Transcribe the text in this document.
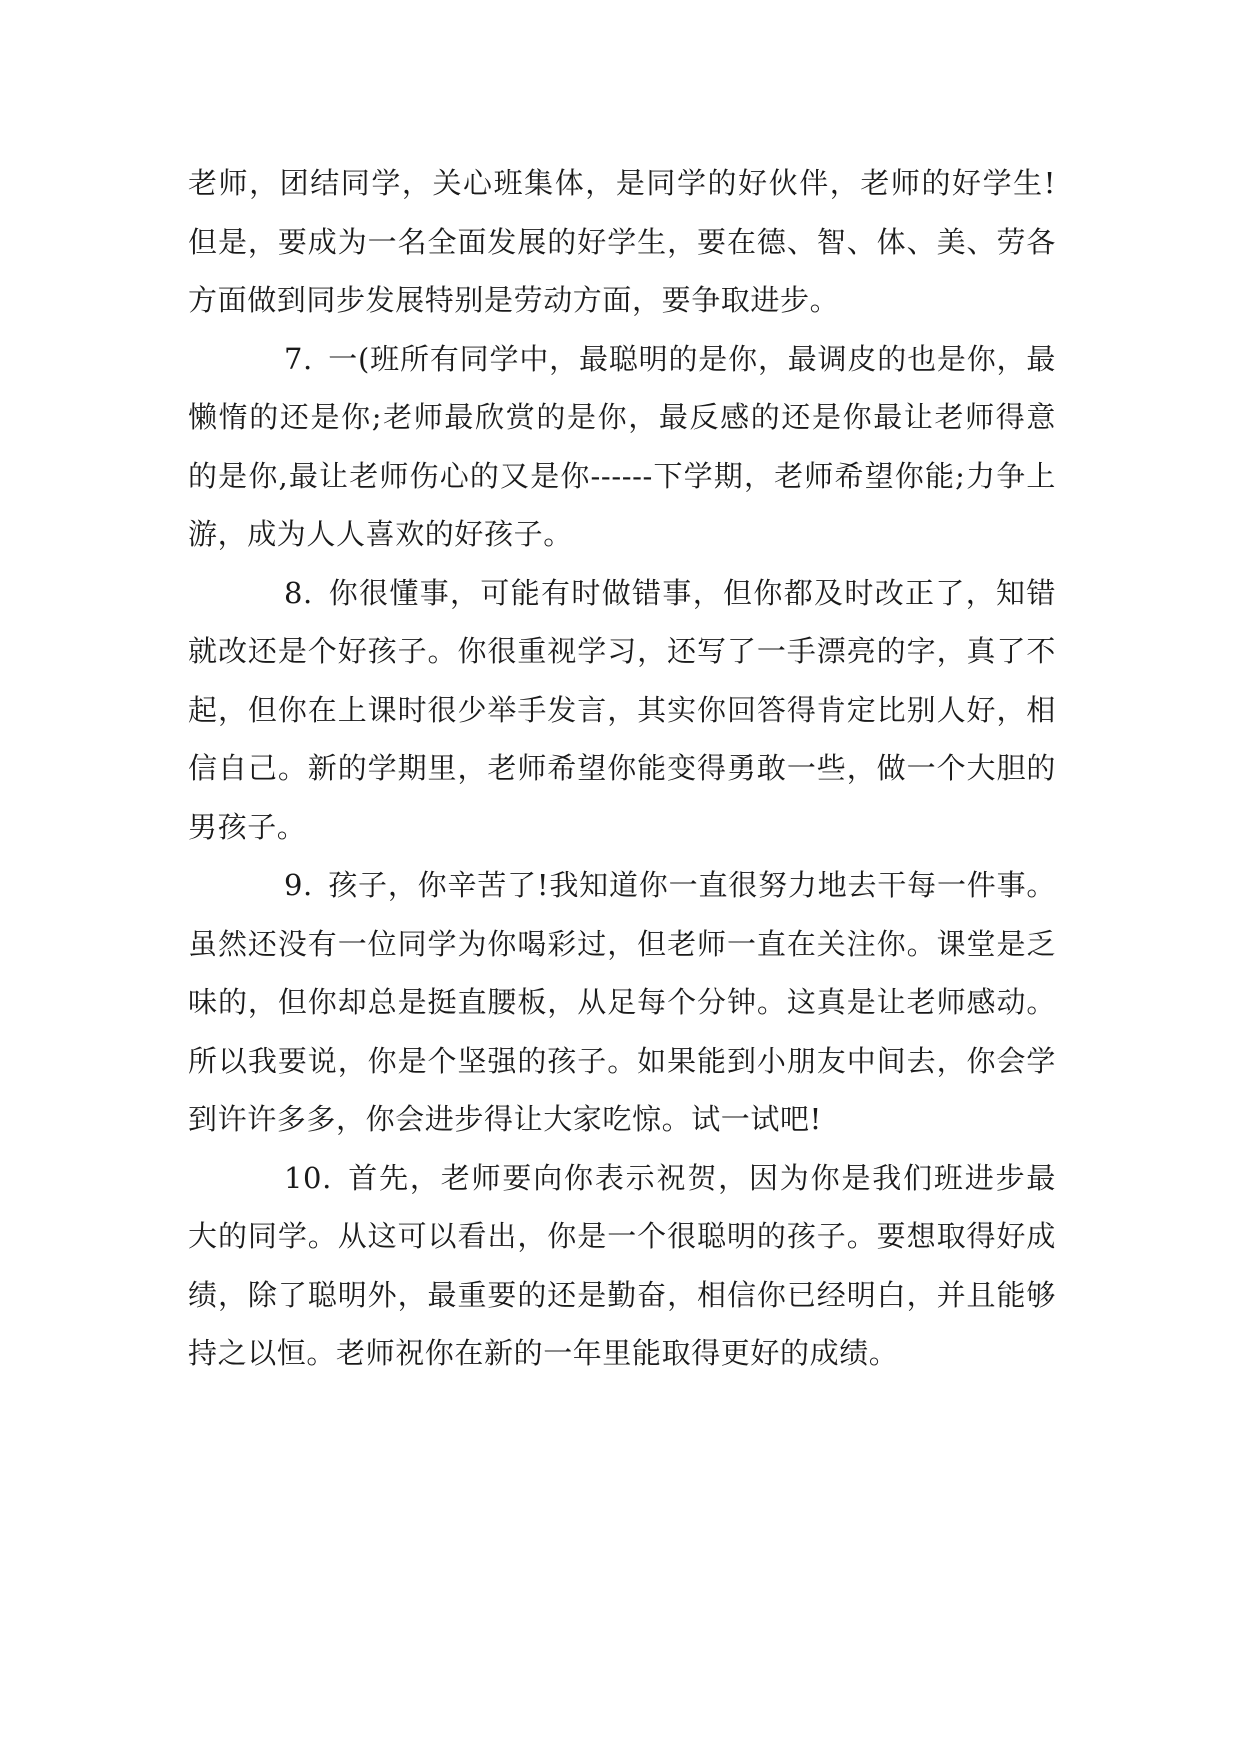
老师，团结同学，关心班集体，是同学的好伙伴，老师的好学生!但是，要成为一名全面发展的好学生，要在德、智、体、美、劳各方面做到同步发展特别是劳动方面，要争取进步。

7.  一(班所有同学中，最聪明的是你，最调皮的也是你，最懒惰的还是你;老师最欣赏的是你，最反感的还是你最让老师得意的是你,最让老师伤心的又是你------下学期，老师希望你能;力争上游，成为人人喜欢的好孩子。

8.  你很懂事，可能有时做错事，但你都及时改正了，知错就改还是个好孩子。你很重视学习，还写了一手漂亮的字，真了不起，但你在上课时很少举手发言，其实你回答得肯定比别人好，相信自己。新的学期里，老师希望你能变得勇敢一些，做一个大胆的男孩子。

9.  孩子，你辛苦了!我知道你一直很努力地去干每一件事。虽然还没有一位同学为你喝彩过，但老师一直在关注你。课堂是乏味的，但你却总是挺直腰板，从足每个分钟。这真是让老师感动。所以我要说，你是个坚强的孩子。如果能到小朋友中间去，你会学到许许多多，你会进步得让大家吃惊。试一试吧!

10.  首先，老师要向你表示祝贺，因为你是我们班进步最大的同学。从这可以看出，你是一个很聪明的孩子。要想取得好成绩，除了聪明外，最重要的还是勤奋，相信你已经明白，并且能够持之以恒。老师祝你在新的一年里能取得更好的成绩。
